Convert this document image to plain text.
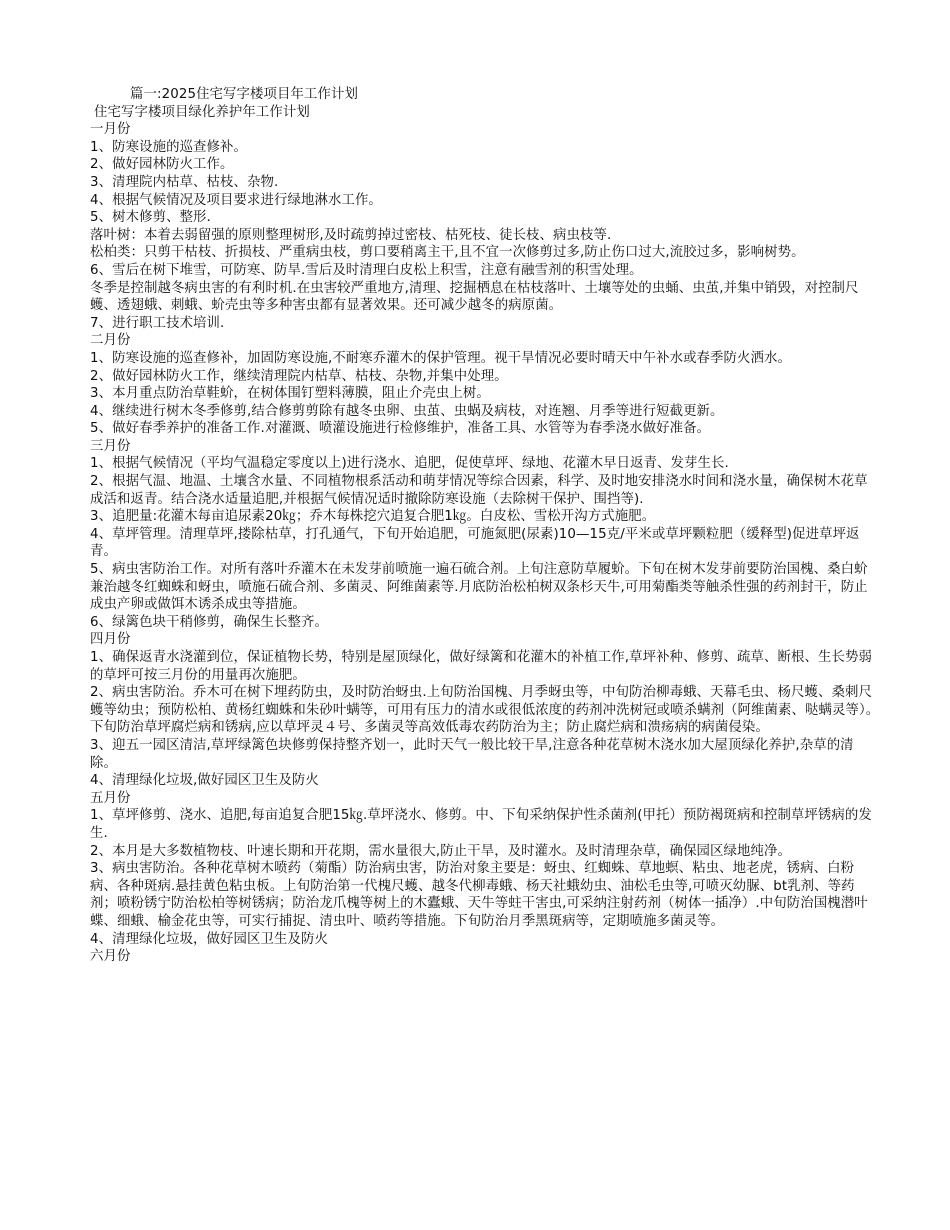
篇一:2025住宅写字楼项目年工作计划
住宅写字楼项目绿化养护年工作计划
一月份
1、防寒设施的巡查修补。
2、做好园林防火工作。
3、清理院内枯草、枯枝、杂物.
4、根据气候情况及项目要求进行绿地淋水工作。
5、树木修剪、整形.
落叶树：本着去弱留强的原则整理树形,及时疏剪掉过密枝、枯死枝、徒长枝、病虫枝等.
松柏类：只剪干枯枝、折损枝、严重病虫枝，剪口要稍离主干,且不宜一次修剪过多,防止伤口过大,流胶过多，影响树势。
6、雪后在树下堆雪，可防寒、防旱.雪后及时清理白皮松上积雪，注意有融雪剂的积雪处理。
冬季是控制越冬病虫害的有利时机.在虫害较严重地方,清理、挖掘栖息在枯枝落叶、土壤等处的虫蛹、虫茧,并集中销毁，对控制尺蠖、透翅蛾、刺蛾、蚧壳虫等多种害虫都有显著效果。还可减少越冬的病原菌。
7、进行职工技术培训.
二月份
1、防寒设施的巡查修补，加固防寒设施,不耐寒乔灌木的保护管理。视干旱情况必要时晴天中午补水或春季防火洒水。
2、做好园林防火工作，继续清理院内枯草、枯枝、杂物,并集中处理。
3、本月重点防治草鞋蚧，在树体围钉塑料薄膜，阻止介壳虫上树。
4、继续进行树木冬季修剪,结合修剪剪除有越冬虫卵、虫茧、虫蜗及病枝，对连翘、月季等进行短截更新。
5、做好春季养护的准备工作.对灌溉、喷灌设施进行检修维护，准备工具、水管等为春季浇水做好准备。
三月份
1、根据气候情况（平均气温稳定零度以上)进行浇水、追肥，促使草坪、绿地、花灌木早日返青、发芽生长.
2、根据气温、地温、土壤含水量、不同植物根系活动和萌芽情况等综合因素，科学、及时地安排浇水时间和浇水量，确保树木花草成活和返青。结合浇水适量追肥,并根据气候情况适时撤除防寒设施（去除树干保护、围挡等).
3、追肥量:花灌木每亩追尿素20㎏；乔木每株挖穴追复合肥1㎏。白皮松、雪松开沟方式施肥。
4、草坪管理。清理草坪,搂除枯草，打孔通气，下旬开始追肥，可施氮肥(尿素)10—15克/平米或草坪颗粒肥（缓释型)促进草坪返青。
5、病虫害防治工作。对所有落叶乔灌木在未发芽前喷施一遍石硫合剂。上旬注意防草履蚧。下旬在树木发芽前要防治国槐、桑白蚧兼治越冬红蜘蛛和蚜虫，喷施石硫合剂、多菌灵、阿维菌素等.月底防治松柏树双条杉天牛,可用菊酯类等触杀性强的药剂封干，防止成虫产卵或做饵木诱杀成虫等措施。
6、绿篱色块干稍修剪，确保生长整齐。
四月份
1、确保返青水浇灌到位，保证植物长势，特别是屋顶绿化，做好绿篱和花灌木的补植工作,草坪补种、修剪、疏草、断根、生长势弱的草坪可按三月份的用量再次施肥。
2、病虫害防治。乔木可在树下埋药防虫，及时防治蚜虫.上旬防治国槐、月季蚜虫等，中旬防治柳毒蛾、天幕毛虫、杨尺蠖、桑刺尺蠖等幼虫；预防松柏、黄杨红蜘蛛和朱砂叶螨等，可用有压力的清水或很低浓度的药剂冲洗树冠或喷杀螨剂（阿维菌素、哒螨灵等）。下旬防治草坪腐烂病和锈病,应以草坪灵４号、多菌灵等高效低毒农药防治为主；防止腐烂病和溃疡病的病菌侵染。
3、迎五一园区清洁,草坪绿篱色块修剪保持整齐划一，此时天气一般比较干旱,注意各种花草树木浇水加大屋顶绿化养护,杂草的清除。
4、清理绿化垃圾,做好园区卫生及防火
五月份
1、草坪修剪、浇水、追肥,每亩追复合肥15㎏.草坪浇水、修剪。中、下旬采纳保护性杀菌剂(甲托）预防褐斑病和控制草坪锈病的发生.
2、本月是大多数植物枝、叶速长期和开花期，需水量很大,防止干旱，及时灌水。及时清理杂草，确保园区绿地纯净。
3、病虫害防治。各种花草树木喷药（菊酯）防治病虫害，防治对象主要是：蚜虫、红蜘蛛、草地螟、粘虫、地老虎，锈病、白粉病、各种斑病.悬挂黄色粘虫板。上旬防治第一代槐尺蠖、越冬代柳毒蛾、杨天社蛾幼虫、油松毛虫等,可喷灭幼脲、bt乳剂、等药剂；喷粉锈宁防治松柏等树锈病；防治龙爪槐等树上的木蠹蛾、天牛等蛀干害虫,可采纳注射药剂（树体一插净）.中旬防治国槐潜叶蝶、细蛾、榆金花虫等，可实行捕捉、清虫叶、喷药等措施。下旬防治月季黑斑病等，定期喷施多菌灵等。
4、清理绿化垃圾，做好园区卫生及防火
六月份
